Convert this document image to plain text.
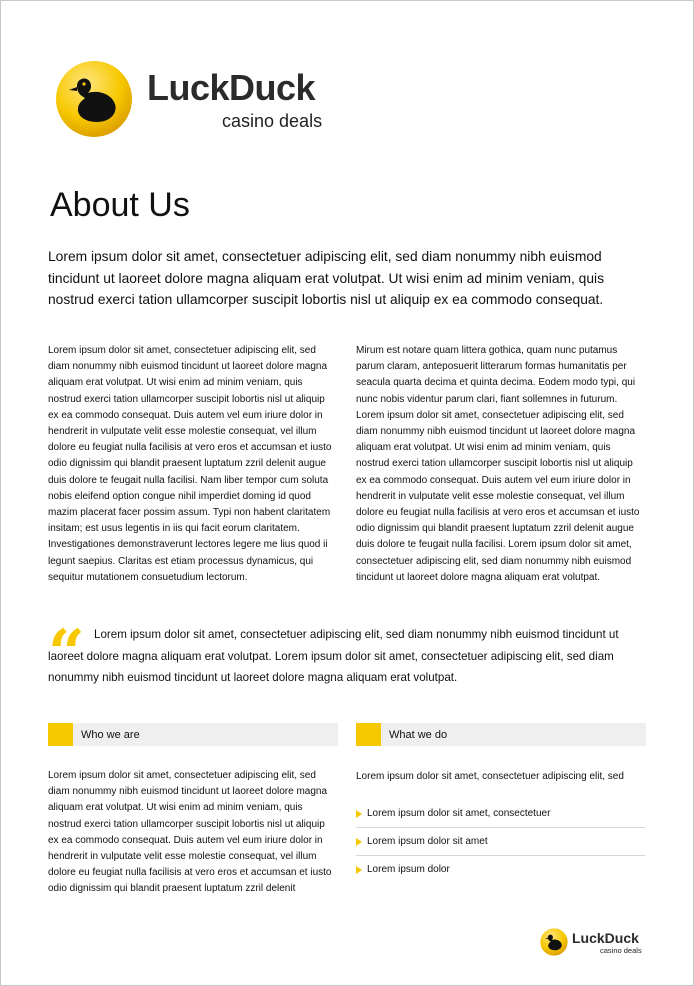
LuckDuck
casino deals
About Us

Lorem ipsum dolor sit amet, consectetuer adipiscing elit, sed diam nonummy nibh euismod tincidunt ut laoreet dolore magna aliquam erat volutpat. Ut wisi enim ad minim veniam, quis nostrud exerci tation ullamcorper suscipit lobortis nisl ut aliquip ex ea commodo consequat.

Lorem ipsum dolor sit amet, consectetuer adipiscing elit, sed diam nonummy nibh euismod tincidunt ut laoreet dolore magna aliquam erat volutpat. Ut wisi enim ad minim veniam, quis nostrud exerci tation ullamcorper suscipit lobortis nisl ut aliquip ex ea commodo consequat. Duis autem vel eum iriure dolor in hendrerit in vulputate velit esse molestie consequat, vel illum dolore eu feugiat nulla facilisis at vero eros et accumsan et iusto odio dignissim qui blandit praesent luptatum zzril delenit augue duis dolore te feugait nulla facilisi. Nam liber tempor cum soluta nobis eleifend option congue nihil imperdiet doming id quod mazim placerat facer possim assum. Typi non habent claritatem insitam; est usus legentis in iis qui facit eorum claritatem. Investigationes demonstraverunt lectores legere me lius quod ii legunt saepius. Claritas est etiam processus dynamicus, qui sequitur mutationem consuetudium lectorum.

Mirum est notare quam littera gothica, quam nunc putamus parum claram, anteposuerit litterarum formas humanitatis per seacula quarta decima et quinta decima. Eodem modo typi, qui nunc nobis videntur parum clari, fiant sollemnes in futurum. Lorem ipsum dolor sit amet, consectetuer adipiscing elit, sed diam nonummy nibh euismod tincidunt ut laoreet dolore magna aliquam erat volutpat. Ut wisi enim ad minim veniam, quis nostrud exerci tation ullamcorper suscipit lobortis nisl ut aliquip ex ea commodo consequat. Duis autem vel eum iriure dolor in hendrerit in vulputate velit esse molestie consequat, vel illum dolore eu feugiat nulla facilisis at vero eros et accumsan et iusto odio dignissim qui blandit praesent luptatum zzril delenit augue duis dolore te feugait nulla facilisi. Lorem ipsum dolor sit amet, consectetuer adipiscing elit, sed diam nonummy nibh euismod tincidunt ut laoreet dolore magna aliquam erat volutpat.

“ Lorem ipsum dolor sit amet, consectetuer adipiscing elit, sed diam nonummy nibh euismod tincidunt ut laoreet dolore magna aliquam erat volutpat. Lorem ipsum dolor sit amet, consectetuer adipiscing elit, sed diam nonummy nibh euismod tincidunt ut laoreet dolore magna aliquam erat volutpat.

Who we are	What we do

Lorem ipsum dolor sit amet, consectetuer adipiscing elit, sed diam nonummy nibh euismod tincidunt ut laoreet dolore magna aliquam erat volutpat. Ut wisi enim ad minim veniam, quis nostrud exerci tation ullamcorper suscipit lobortis nisl ut aliquip ex ea commodo consequat. Duis autem vel eum iriure dolor in hendrerit in vulputate velit esse molestie consequat, vel illum dolore eu feugiat nulla facilisis at vero eros et accumsan et iusto odio dignissim qui blandit praesent luptatum zzril delenit

Lorem ipsum dolor sit amet, consectetuer adipiscing elit, sed

Lorem ipsum dolor sit amet, consectetuer
Lorem ipsum dolor sit amet
Lorem ipsum dolor
LuckDuck
casino deals
